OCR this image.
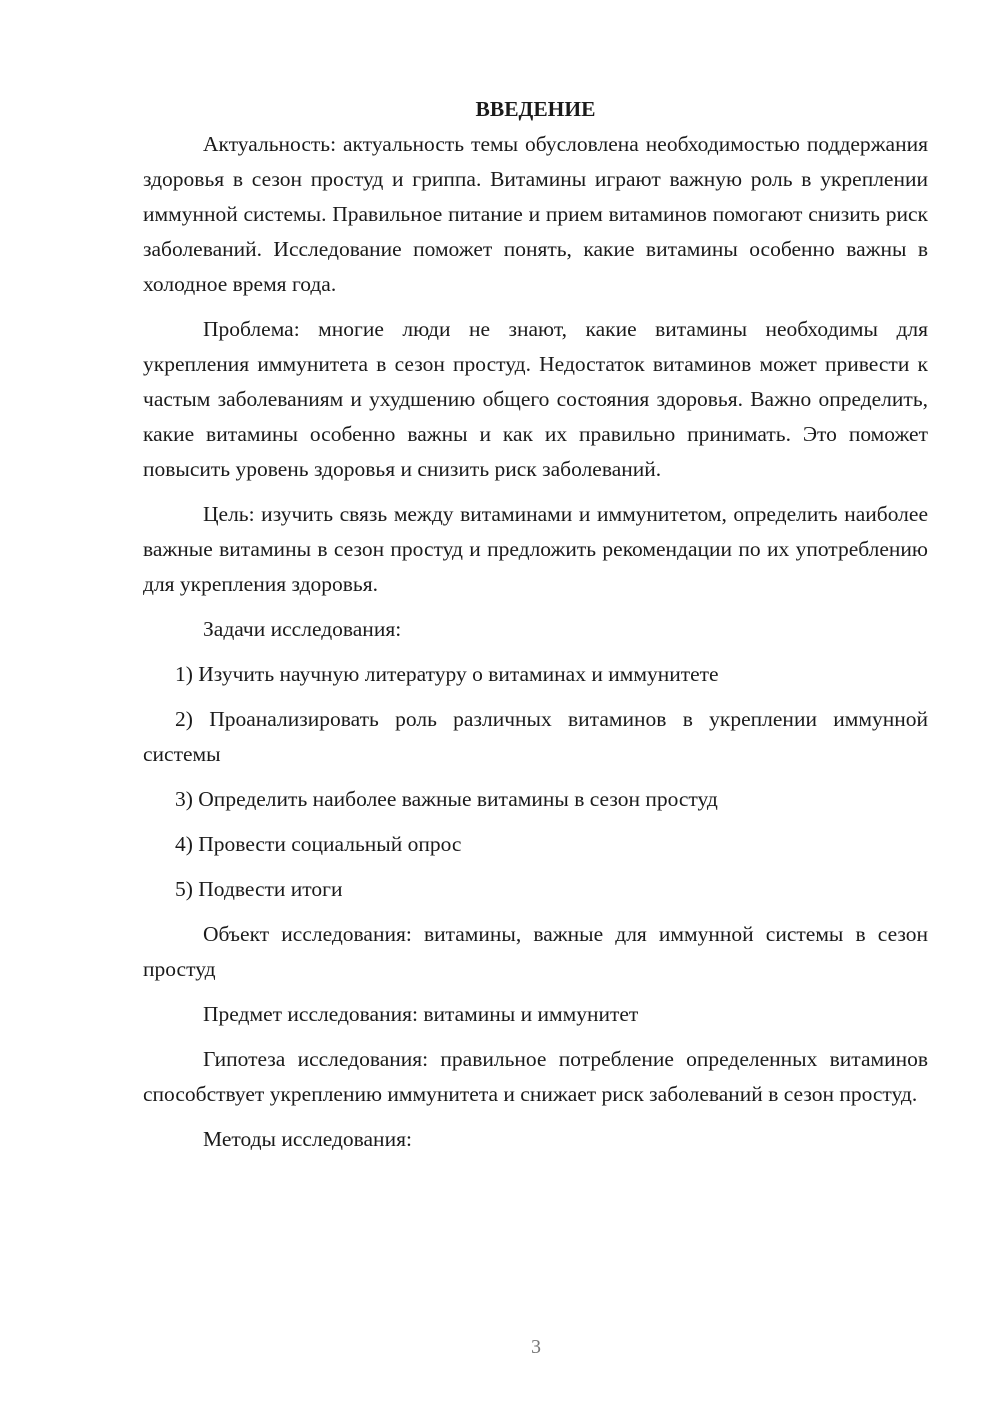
ВВЕДЕНИЕ

Актуальность: актуальность темы обусловлена необходимостью поддержания здоровья в сезон простуд и гриппа. Витамины играют важную роль в укреплении иммунной системы. Правильное питание и прием витаминов помогают снизить риск заболеваний. Исследование поможет понять, какие витамины особенно важны в холодное время года.

Проблема: многие люди не знают, какие витамины необходимы для укрепления иммунитета в сезон простуд. Недостаток витаминов может привести к частым заболеваниям и ухудшению общего состояния здоровья. Важно определить, какие витамины особенно важны и как их правильно принимать. Это поможет повысить уровень здоровья и снизить риск заболеваний.

Цель: изучить связь между витаминами и иммунитетом, определить наиболее важные витамины в сезон простуд и предложить рекомендации по их употреблению для укрепления здоровья.

Задачи исследования:

1) Изучить научную литературу о витаминах и иммунитете
2) Проанализировать роль различных витаминов в укреплении иммунной системы
3) Определить наиболее важные витамины в сезон простуд
4) Провести социальный опрос
5) Подвести итоги

Объект исследования: витамины, важные для иммунной системы в сезон простуд

Предмет исследования: витамины и иммунитет

Гипотеза исследования: правильное потребление определенных витаминов способствует укреплению иммунитета и снижает риск заболеваний в сезон простуд.

Методы исследования:

3
